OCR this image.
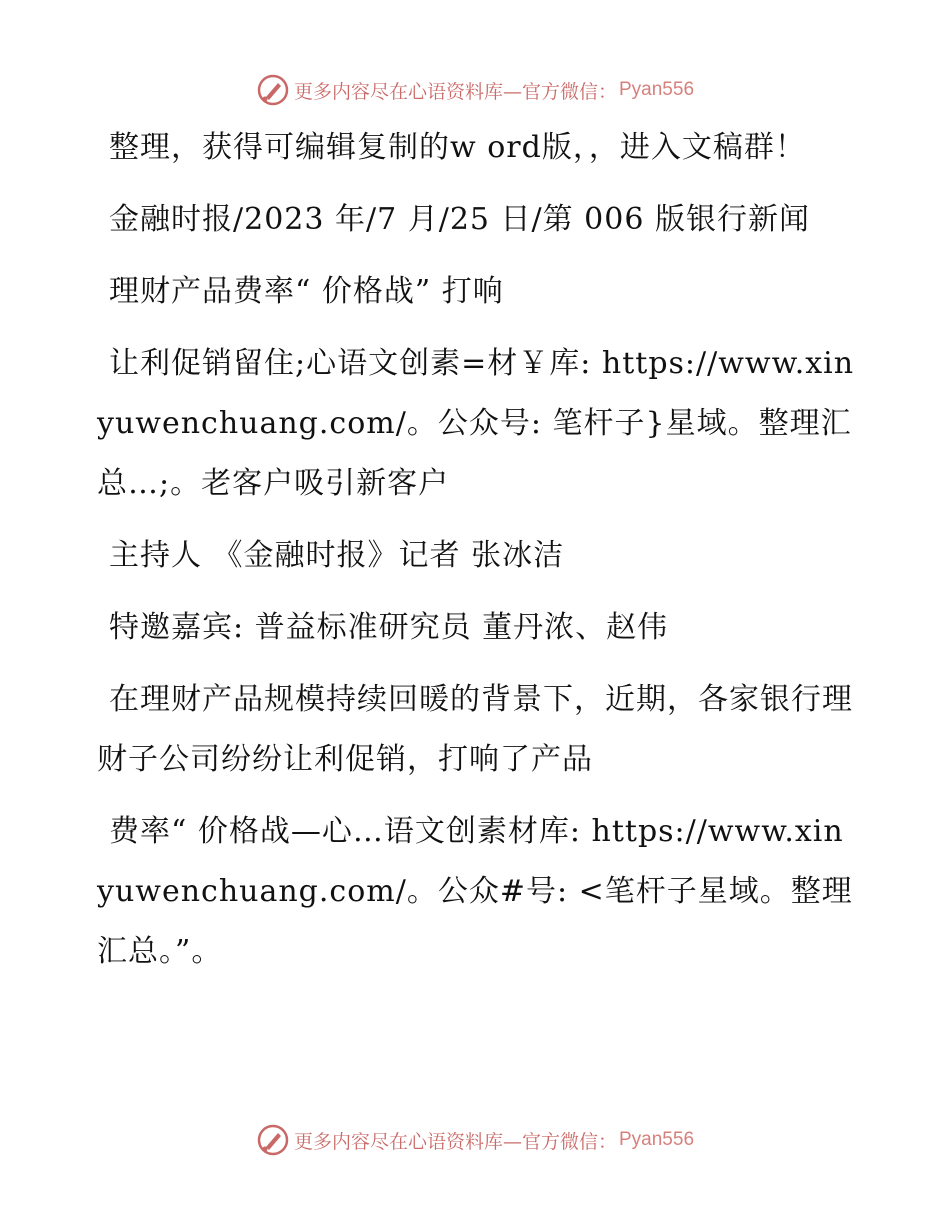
更多内容尽在心语资料库—官方微信： Pyan556

整理，获得可编辑复制的w ord版，，进入文稿群！

金融时报/2023 年/7 月/25 日/第 006 版银行新闻

理财产品费率“ 价格战” 打响

让利促销留住;心语文创素=材￥库: https://www.xinyuwenchuang.com/。公众号: 笔杆子}星域。整理汇总…;。老客户吸引新客户

主持人 《金融时报》记者 张冰洁

特邀嘉宾: 普益标准研究员 董丹浓、赵伟

在理财产品规模持续回暖的背景下，近期，各家银行理财子公司纷纷让利促销，打响了产品

费率“ 价格战—心…语文创素材库: https://www.xinyuwenchuang.com/。公众#号: <笔杆子星域。整理汇总。”。

更多内容尽在心语资料库—官方微信： Pyan556
